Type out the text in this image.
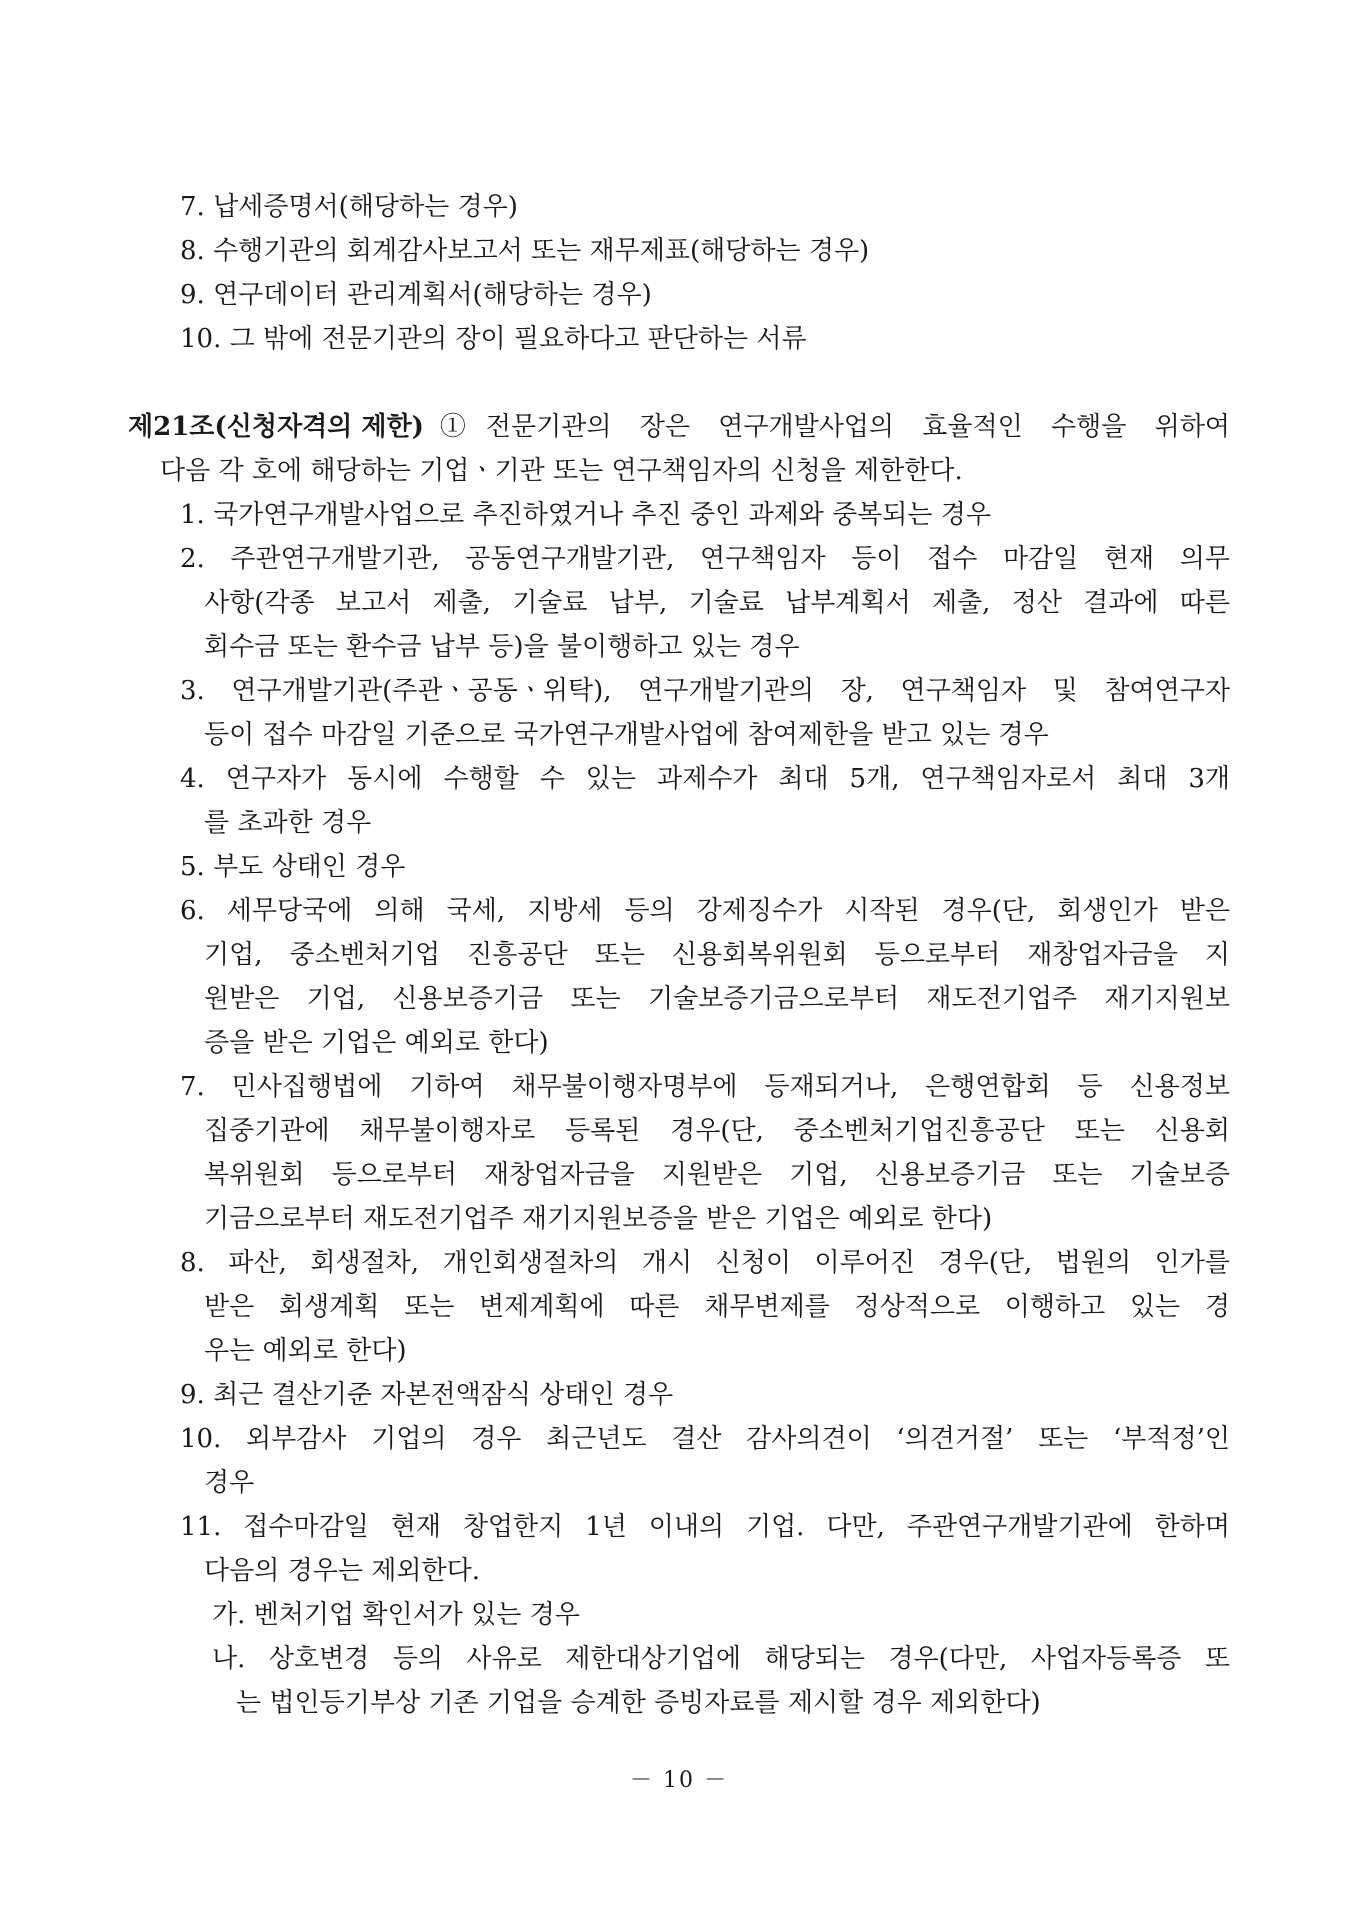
7. 납세증명서(해당하는 경우)
8. 수행기관의 회계감사보고서 또는 재무제표(해당하는 경우)
9. 연구데이터 관리계획서(해당하는 경우)
10. 그 밖에 전문기관의 장이 필요하다고 판단하는 서류
제21조(신청자격의 제한) ①전문기관의 장은 연구개발사업의 효율적인 수행을 위하여
다음 각 호에 해당하는 기업ㆍ기관 또는 연구책임자의 신청을 제한한다.
1. 국가연구개발사업으로 추진하였거나 추진 중인 과제와 중복되는 경우
2. 주관연구개발기관, 공동연구개발기관, 연구책임자 등이 접수 마감일 현재 의무
사항(각종 보고서 제출, 기술료 납부, 기술료 납부계획서 제출, 정산 결과에 따른
회수금 또는 환수금 납부 등)을 불이행하고 있는 경우
3. 연구개발기관(주관ㆍ공동ㆍ위탁), 연구개발기관의 장, 연구책임자 및 참여연구자
등이 접수 마감일 기준으로 국가연구개발사업에 참여제한을 받고 있는 경우
4. 연구자가 동시에 수행할 수 있는 과제수가 최대 5개, 연구책임자로서 최대 3개
를 초과한 경우
5. 부도 상태인 경우
6. 세무당국에 의해 국세, 지방세 등의 강제징수가 시작된 경우(단, 회생인가 받은
기업, 중소벤처기업 진흥공단 또는 신용회복위원회 등으로부터 재창업자금을 지
원받은 기업, 신용보증기금 또는 기술보증기금으로부터 재도전기업주 재기지원보
증을 받은 기업은 예외로 한다)
7. 민사집행법에 기하여 채무불이행자명부에 등재되거나, 은행연합회 등 신용정보
집중기관에 채무불이행자로 등록된 경우(단, 중소벤처기업진흥공단 또는 신용회
복위원회 등으로부터 재창업자금을 지원받은 기업, 신용보증기금 또는 기술보증
기금으로부터 재도전기업주 재기지원보증을 받은 기업은 예외로 한다)
8. 파산, 회생절차, 개인회생절차의 개시 신청이 이루어진 경우(단, 법원의 인가를
받은 회생계획 또는 변제계획에 따른 채무변제를 정상적으로 이행하고 있는 경
우는 예외로 한다)
9. 최근 결산기준 자본전액잠식 상태인 경우
10. 외부감사 기업의 경우 최근년도 결산 감사의견이 ‘의견거절’ 또는 ‘부적정’인
경우
11. 접수마감일 현재 창업한지 1년 이내의 기업. 다만, 주관연구개발기관에 한하며
다음의 경우는 제외한다.
가. 벤처기업 확인서가 있는 경우
나. 상호변경 등의 사유로 제한대상기업에 해당되는 경우(다만, 사업자등록증 또
는 법인등기부상 기존 기업을 승계한 증빙자료를 제시할 경우 제외한다)
－ 10 －
